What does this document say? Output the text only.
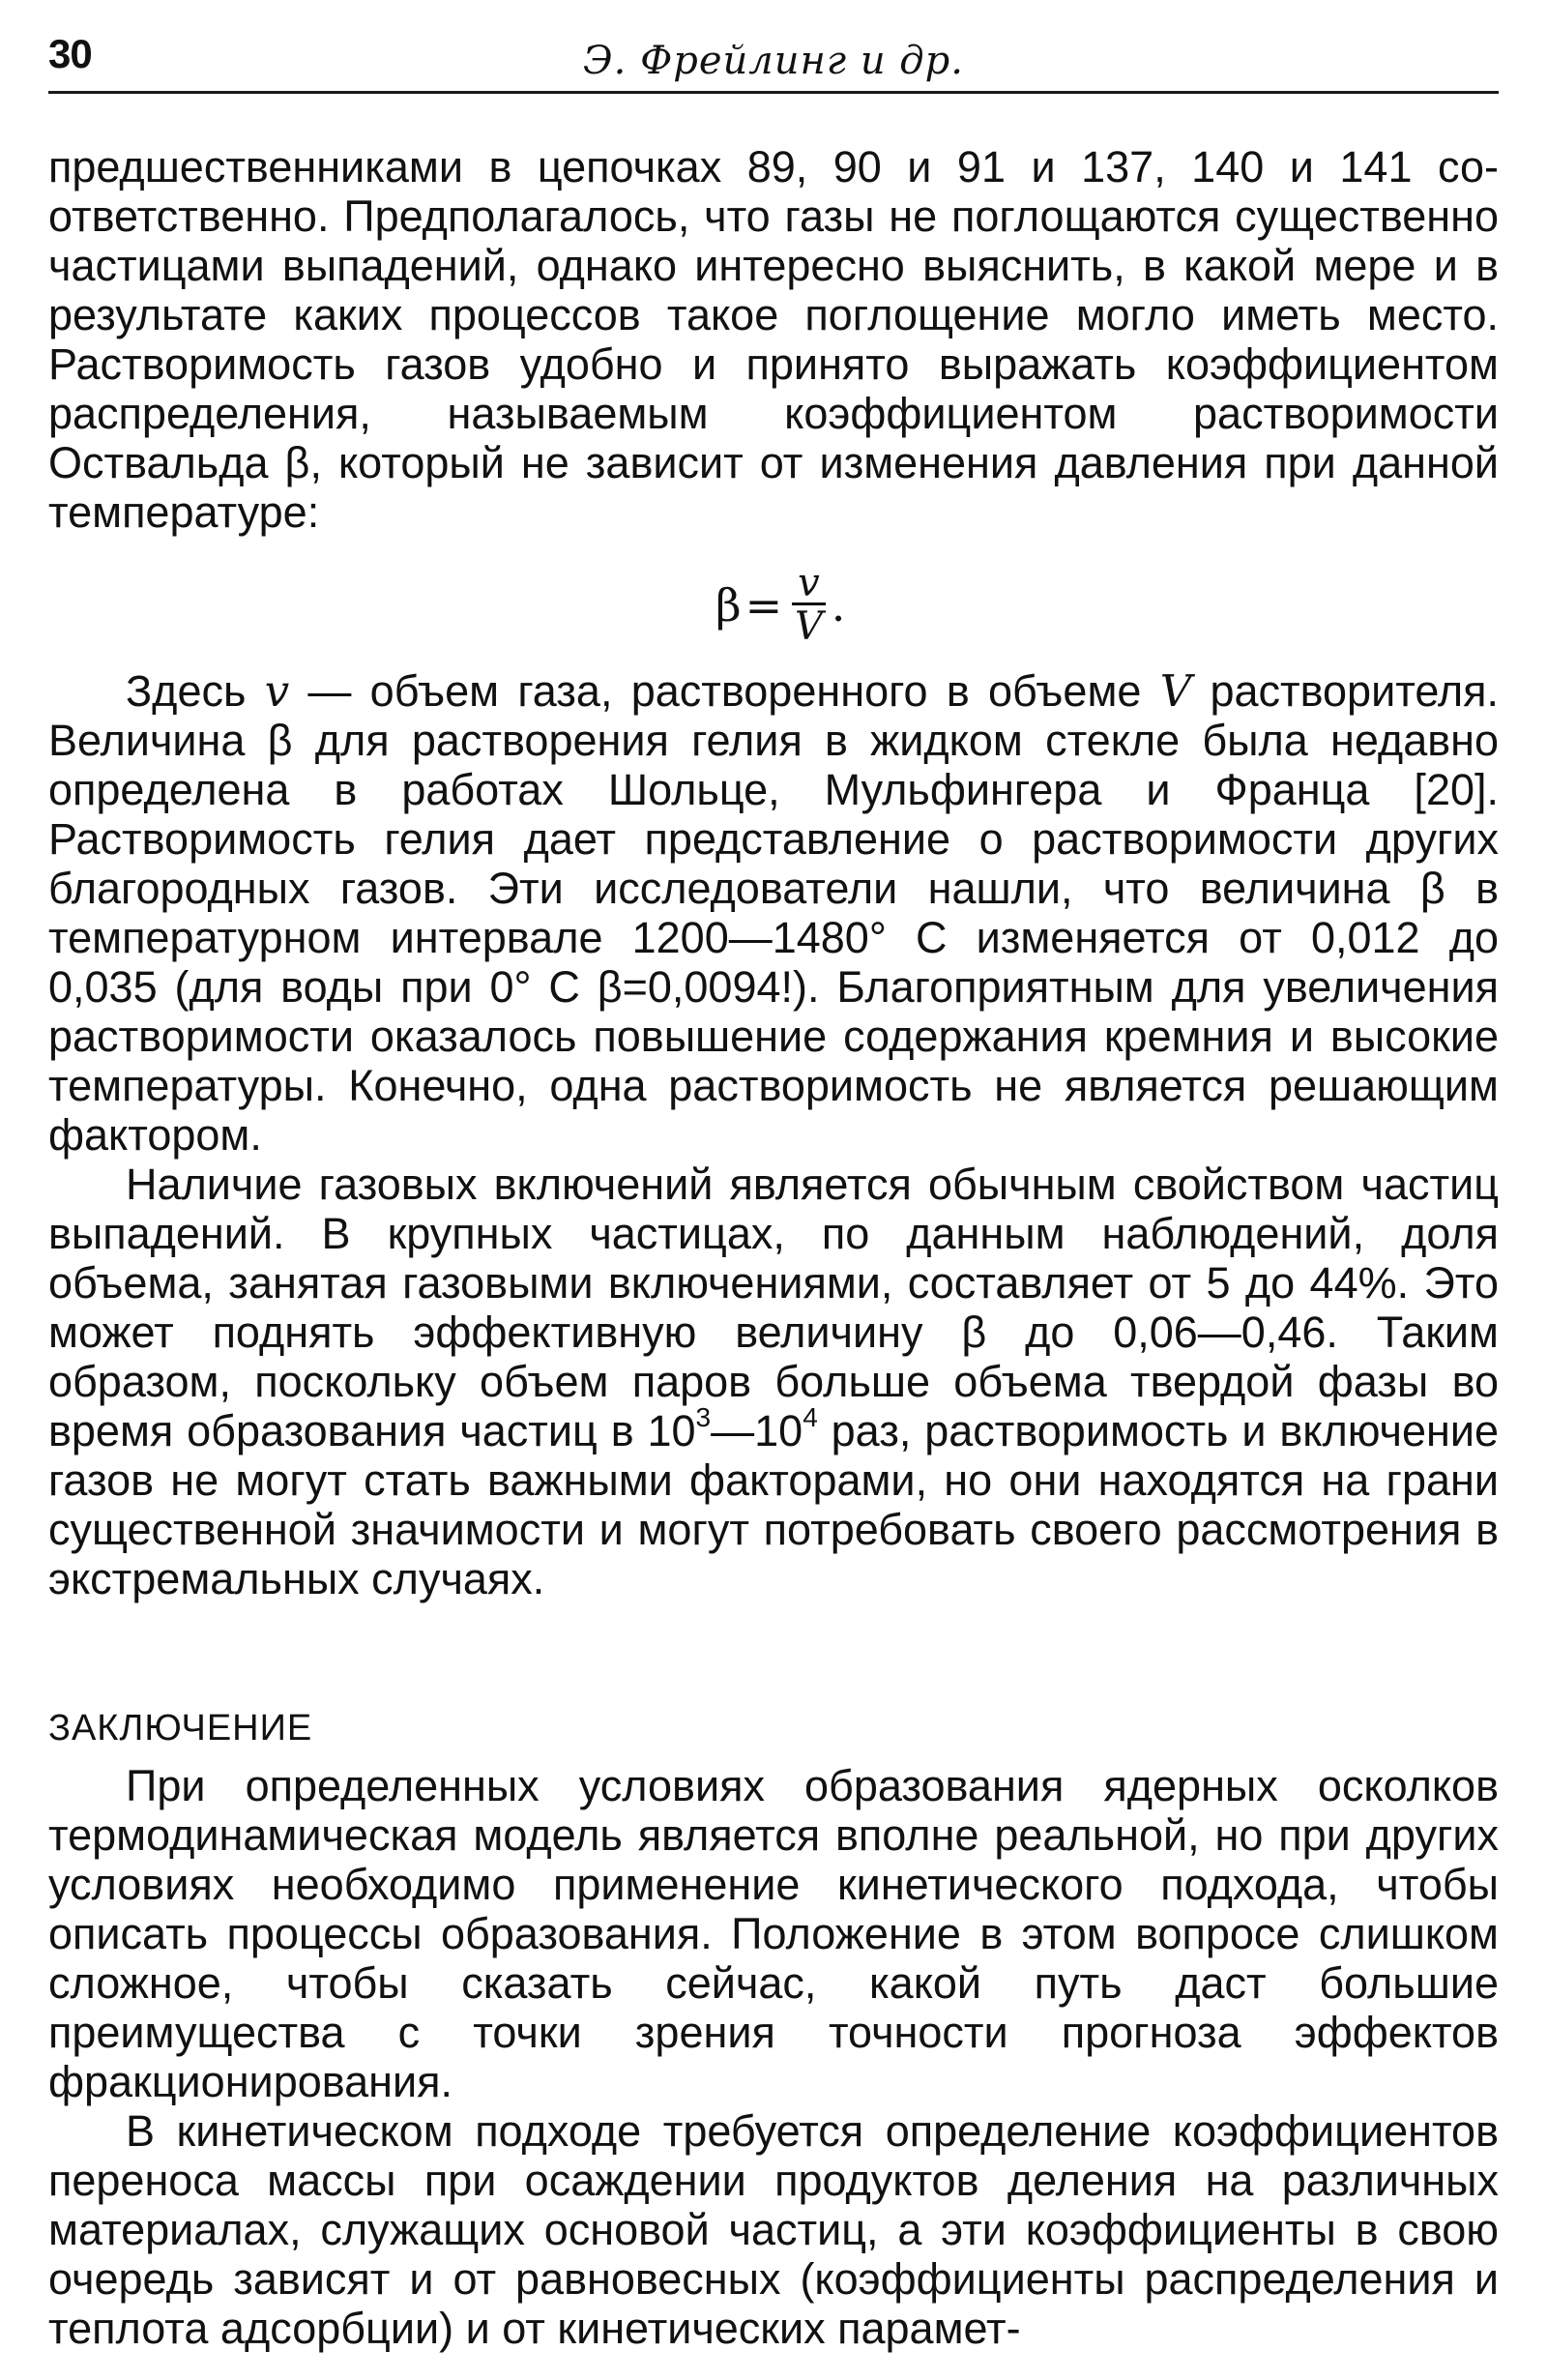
30	Э. Фрейлинг и др.

предшественниками в цепочках 89, 90 и 91 и 137, 140 и 141 соответственно. Предполагалось, что газы не поглощаются существенно частицами выпадений, однако интересно выяснить, в какой мере и в результате каких процессов такое поглощение могло иметь место. Растворимость газов удобно и принято выражать коэффициентом распределения, называемым коэффициентом растворимости Оствальда β, который не зависит от изменения давления при данной температуре:

$\beta = \frac{v}{V}$ .

Здесь v — объем газа, растворенного в объеме V растворителя. Величина β для растворения гелия в жидком стекле была недавно определена в работах Шольце, Мульфингера и Франца [20]. Растворимость гелия дает представление о растворимости других благородных газов. Эти исследователи нашли, что величина β в температурном интервале 1200—1480° С изменяется от 0,012 до 0,035 (для воды при 0° С β=0,0094!). Благоприятным для увеличения растворимости оказалось повышение содержания кремния и высокие температуры. Конечно, одна растворимость не является решающим фактором.

Наличие газовых включений является обычным свойством частиц выпадений. В крупных частицах, по данным наблюдений, доля объема, занятая газовыми включениями, составляет от 5 до 44%. Это может поднять эффективную величину β до 0,06—0,46. Таким образом, поскольку объем паров больше объема твердой фазы во время образования частиц в $10^3—10^4$ раз, растворимость и включение газов не могут стать важными факторами, но они находятся на грани существенной значимости и могут потребовать своего рассмотрения в экстремальных случаях.

ЗАКЛЮЧЕНИЕ

При определенных условиях образования ядерных осколков термодинамическая модель является вполне реальной, но при других условиях необходимо применение кинетического подхода, чтобы описать процессы образования. Положение в этом вопросе слишком сложное, чтобы сказать сейчас, какой путь даст большие преимущества с точки зрения точности прогноза эффектов фракционирования.

В кинетическом подходе требуется определение коэффициентов переноса массы при осаждении продуктов деления на различных материалах, служащих основой частиц, а эти коэффициенты в свою очередь зависят и от равновесных (коэффициенты распределения и теплота адсорбции) и от кинетических парамет-
